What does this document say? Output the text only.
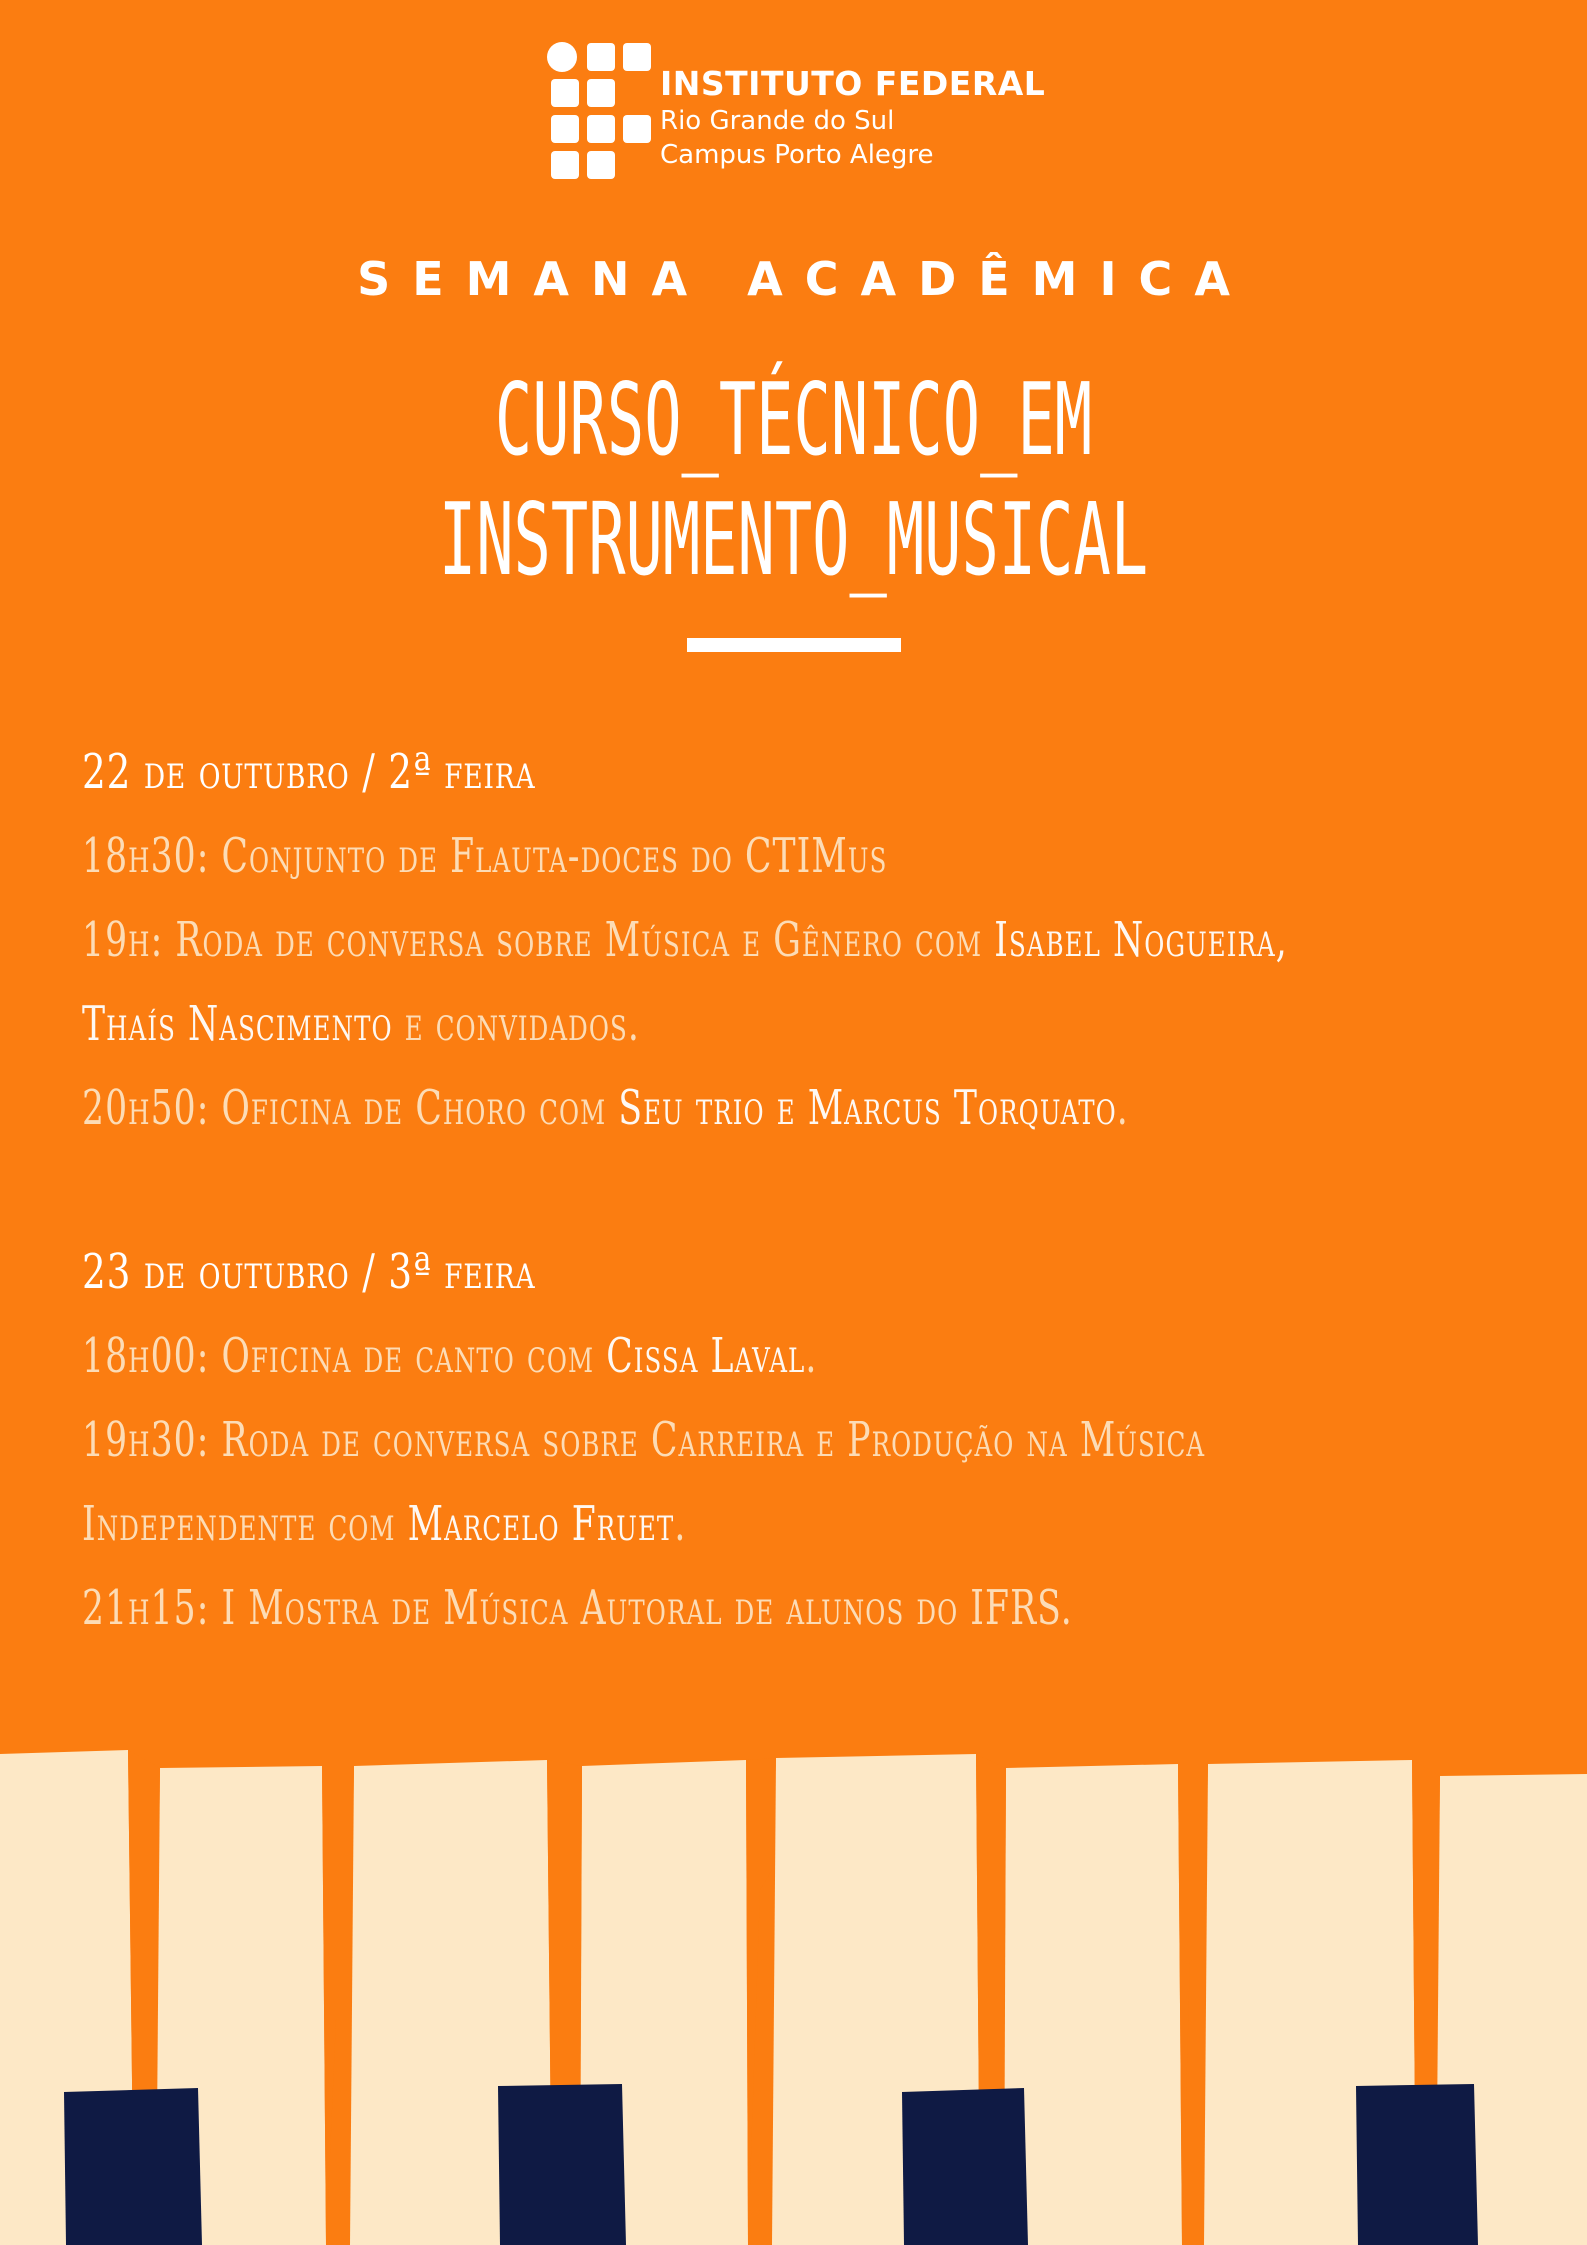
INSTITUTO FEDERAL
Rio Grande do Sul
Campus Porto Alegre
SEMANA ACADÊMICA
CURSO_TÉCNICO_EM
INSTRUMENTO_MUSICAL
22 de outubro / 2ª feira
18h30: Conjunto de Flauta-doces do CTIMus
19h: Roda de conversa sobre Música e Gênero com Isabel Nogueira,
Thaís Nascimento e convidados.
20h50: Oficina de Choro com Seu trio e Marcus Torquato.
23 de outubro / 3ª feira
18h00: Oficina de canto com Cissa Laval.
19h30: Roda de conversa sobre Carreira e Produção na Música
Independente com Marcelo Fruet.
21h15: I Mostra de Música Autoral de alunos do IFRS.
